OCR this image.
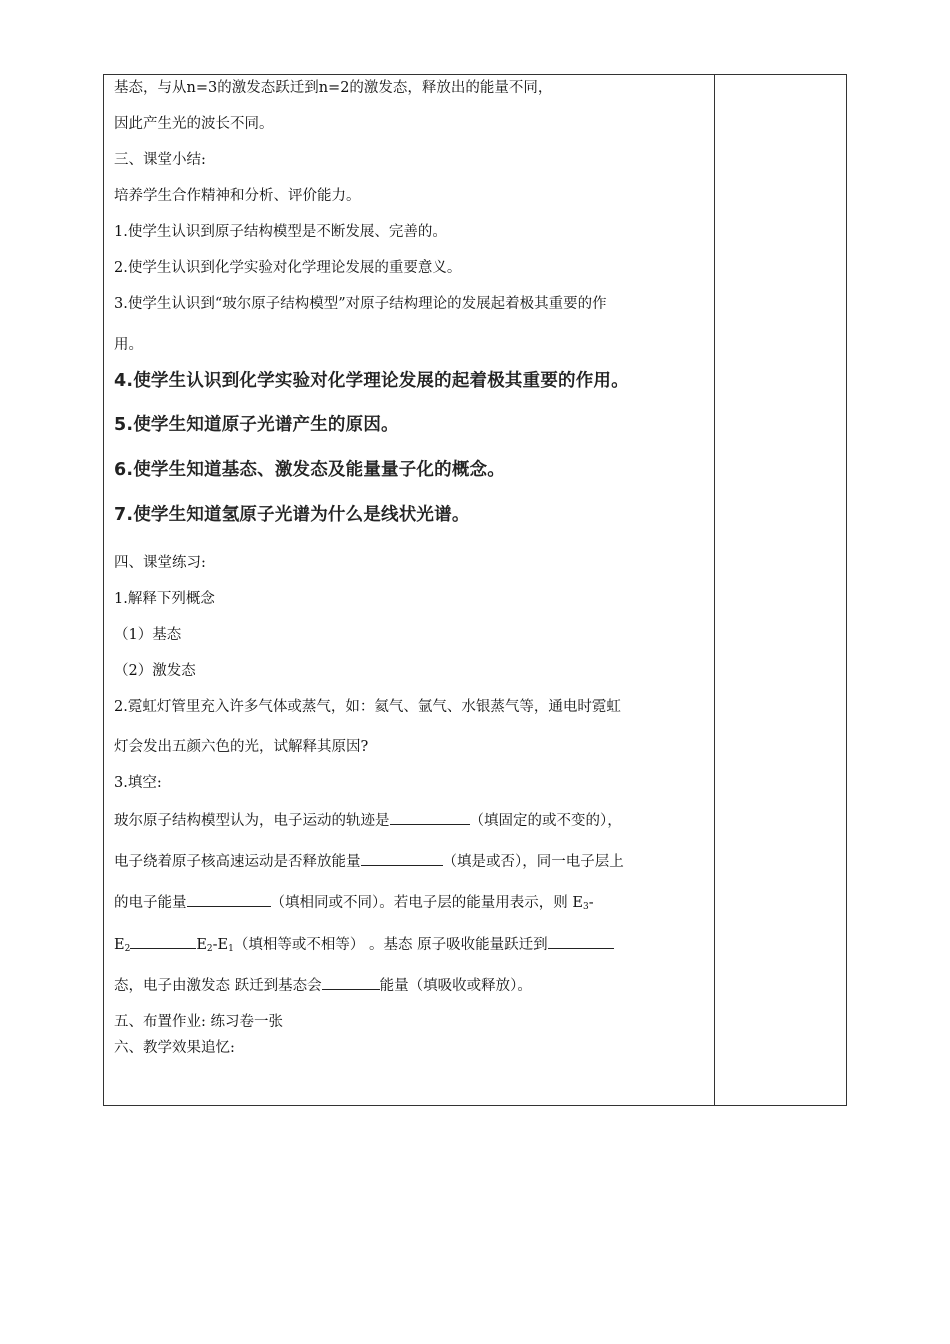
基态，与从n=3的激发态跃迁到n=2的激发态，释放出的能量不同，
因此产生光的波长不同。
三、课堂小结:
培养学生合作精神和分析、评价能力。
1.使学生认识到原子结构模型是不断发展、完善的。
2.使学生认识到化学实验对化学理论发展的重要意义。
3.使学生认识到“玻尔原子结构模型”对原子结构理论的发展起着极其重要的作
用。
4.使学生认识到化学实验对化学理论发展的起着极其重要的作用。
5.使学生知道原子光谱产生的原因。
6.使学生知道基态、激发态及能量量子化的概念。
7.使学生知道氢原子光谱为什么是线状光谱。
四、课堂练习:
1.解释下列概念
（1）基态
（2）激发态
2.霓虹灯管里充入许多气体或蒸气，如：氦气、氩气、水银蒸气等，通电时霓虹
灯会发出五颜六色的光，试解释其原因?
3.填空:
玻尔原子结构模型认为，电子运动的轨迹是	（填固定的或不变的），
电子绕着原子核高速运动是否释放能量	（填是或否），同一电子层上
的电子能量	（填相同或不同）。若电子层的能量用表示，则 $E_3-$
$E_2$	$E_2-E_1$（填相等或不相等） 。基态 原子吸收能量跃迁到
态，电子由激发态 跃迁到基态会	能量（填吸收或释放）。
五、布置作业: 练习卷一张
六、教学效果追忆:
